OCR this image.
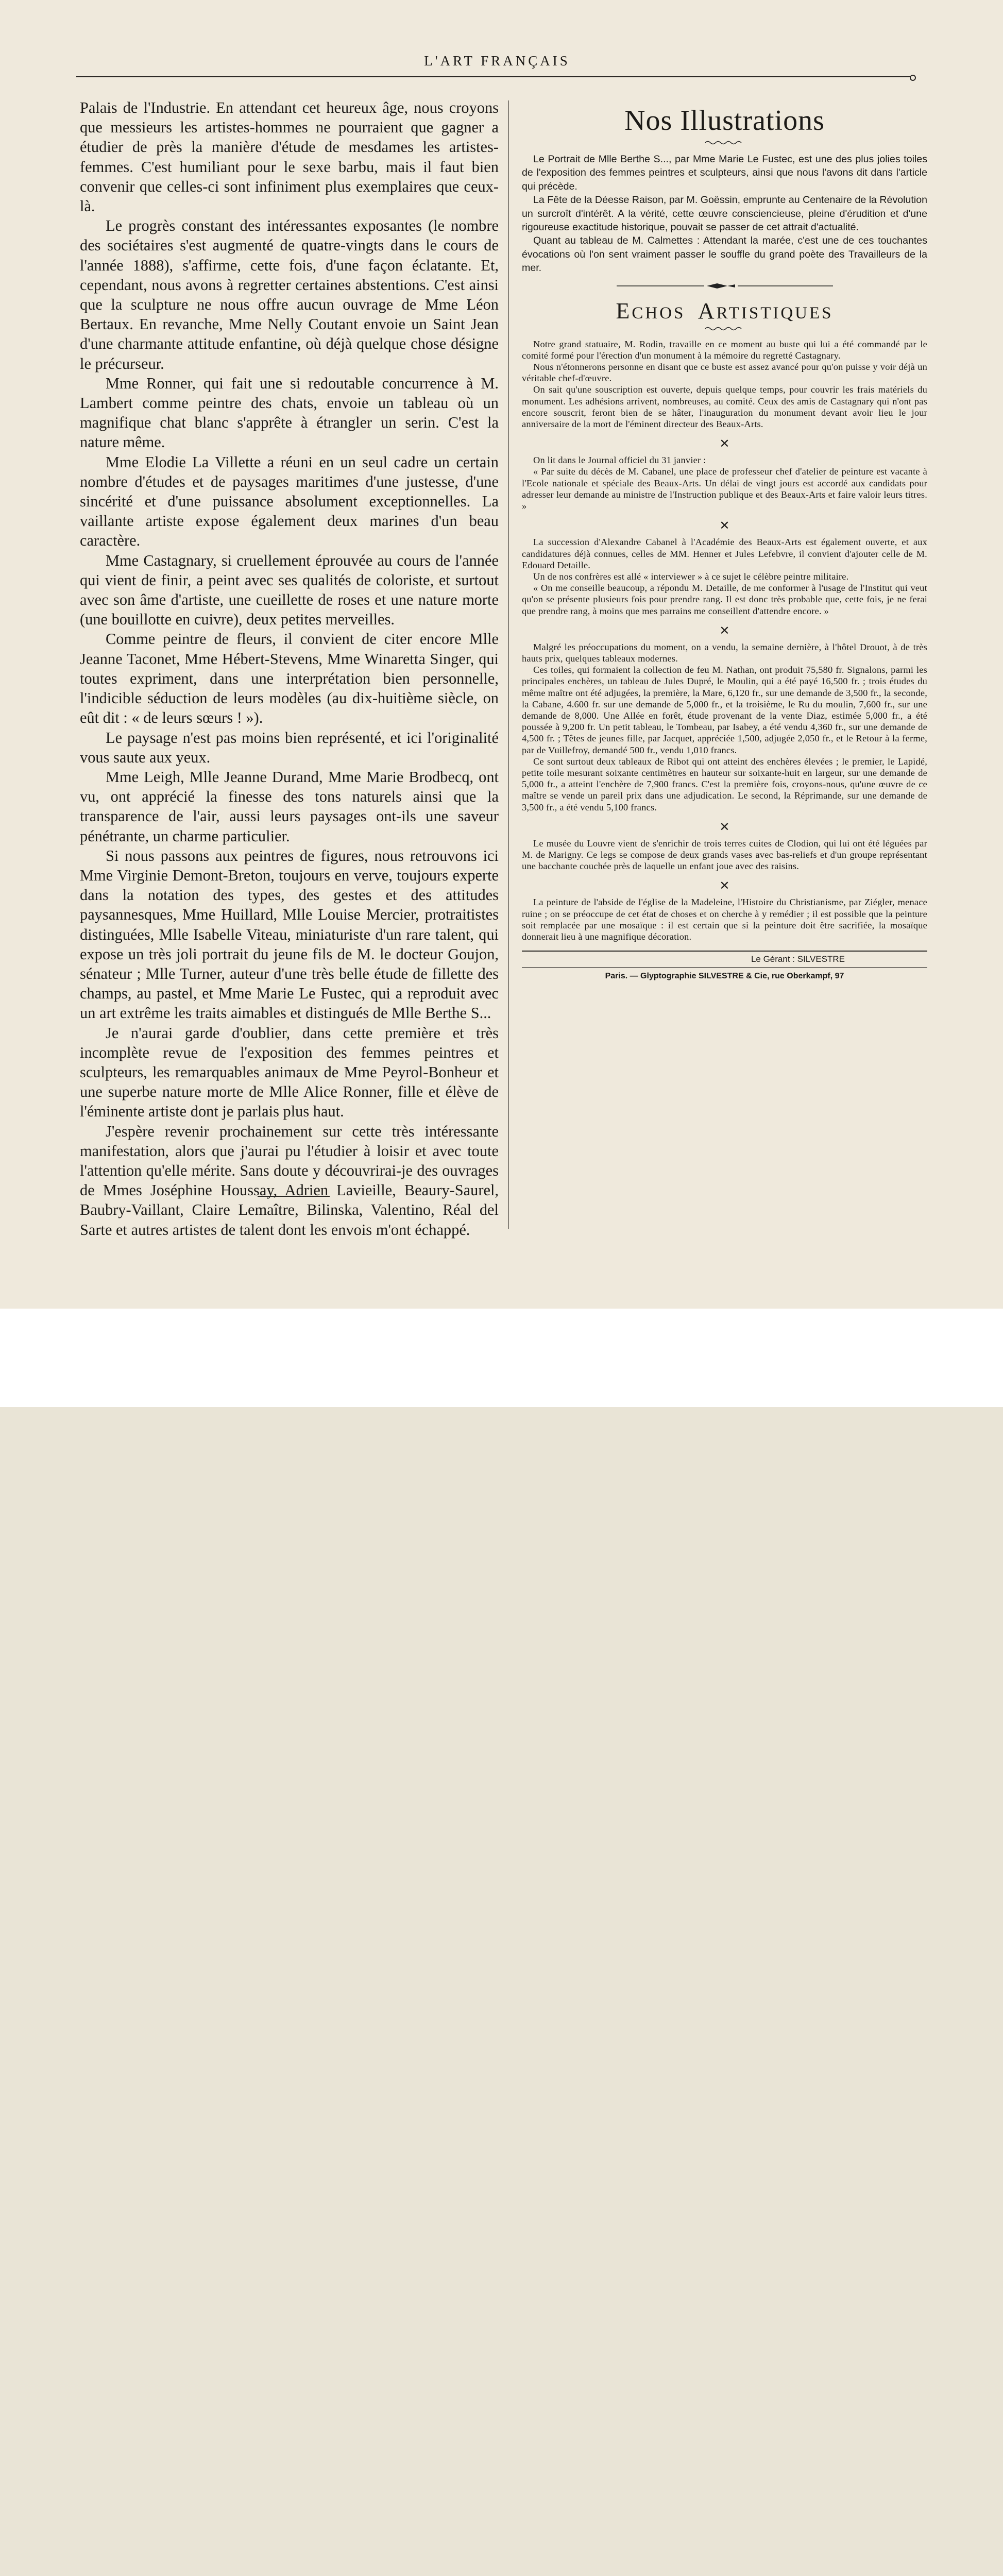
L'ART FRANÇAIS

Palais de l'Industrie. En attendant cet heureux âge, nous croyons que messieurs les artistes-hommes ne pourraient que gagner a étudier de près la manière d'étude de mesdames les artistes-femmes. C'est humiliant pour le sexe barbu, mais il faut bien convenir que celles-ci sont infiniment plus exemplaires que ceux-là.

Le progrès constant des intéressantes exposantes (le nombre des sociétaires s'est augmenté de quatre-vingts dans le cours de l'année 1888), s'affirme, cette fois, d'une façon éclatante. Et, cependant, nous avons à regretter certaines abstentions. C'est ainsi que la sculpture ne nous offre aucun ouvrage de Mme Léon Bertaux. En revanche, Mme Nelly Coutant envoie un Saint Jean d'une charmante attitude enfantine, où déjà quelque chose désigne le précurseur.

Mme Ronner, qui fait une si redoutable concurrence à M. Lambert comme peintre des chats, envoie un tableau où un magnifique chat blanc s'apprête à étrangler un serin. C'est la nature même.

Mme Elodie La Villette a réuni en un seul cadre un certain nombre d'études et de paysages maritimes d'une justesse, d'une sincérité et d'une puissance absolument exceptionnelles. La vaillante artiste expose également deux marines d'un beau caractère.

Mme Castagnary, si cruellement éprouvée au cours de l'année qui vient de finir, a peint avec ses qualités de coloriste, et surtout avec son âme d'artiste, une cueillette de roses et une nature morte (une bouillotte en cuivre), deux petites merveilles.

Comme peintre de fleurs, il convient de citer encore Mlle Jeanne Taconet, Mme Hébert-Stevens, Mme Winaretta Singer, qui toutes expriment, dans une interprétation bien personnelle, l'indicible séduction de leurs modèles (au dix-huitième siècle, on eût dit : « de leurs sœurs ! »).

Le paysage n'est pas moins bien représenté, et ici l'originalité vous saute aux yeux.

Mme Leigh, Mlle Jeanne Durand, Mme Marie Brodbecq, ont vu, ont apprécié la finesse des tons naturels ainsi que la transparence de l'air, aussi leurs paysages ont-ils une saveur pénétrante, un charme particulier.

Si nous passons aux peintres de figures, nous retrouvons ici Mme Virginie Demont-Breton, toujours en verve, toujours experte dans la notation des types, des gestes et des attitudes paysannesques, Mme Huillard, Mlle Louise Mercier, protraitistes distinguées, Mlle Isabelle Viteau, miniaturiste d'un rare talent, qui expose un très joli portrait du jeune fils de M. le docteur Goujon, sénateur ; Mlle Turner, auteur d'une très belle étude de fillette des champs, au pastel, et Mme Marie Le Fustec, qui a reproduit avec un art extrême les traits aimables et distingués de Mlle Berthe S...

Je n'aurai garde d'oublier, dans cette première et très incomplète revue de l'exposition des femmes peintres et sculpteurs, les remarquables animaux de Mme Peyrol-Bonheur et une superbe nature morte de Mlle Alice Ronner, fille et élève de l'éminente artiste dont je parlais plus haut.

J'espère revenir prochainement sur cette très intéressante manifestation, alors que j'aurai pu l'étudier à loisir et avec toute l'attention qu'elle mérite. Sans doute y découvrirai-je des ouvrages de Mmes Joséphine Houssay, Adrien Lavieille, Beaury-Saurel, Baubry-Vaillant, Claire Lemaître, Bilinska, Valentino, Réal del Sarte et autres artistes de talent dont les envois m'ont échappé.

Nos Illustrations

Le Portrait de Mlle Berthe S..., par Mme Marie Le Fustec, est une des plus jolies toiles de l'exposition des femmes peintres et sculpteurs, ainsi que nous l'avons dit dans l'article qui précède.

La Fête de la Déesse Raison, par M. Goëssin, emprunte au Centenaire de la Révolution un surcroît d'intérêt. A la vérité, cette œuvre consciencieuse, pleine d'érudition et d'une rigoureuse exactitude historique, pouvait se passer de cet attrait d'actualité.

Quant au tableau de M. Calmettes : Attendant la marée, c'est une de ces touchantes évocations où l'on sent vraiment passer le souffle du grand poète des Travailleurs de la mer.

ECHOS ARTISTIQUES

Notre grand statuaire, M. Rodin, travaille en ce moment au buste qui lui a été commandé par le comité formé pour l'érection d'un monument à la mémoire du regretté Castagnary.

Nous n'étonnerons personne en disant que ce buste est assez avancé pour qu'on puisse y voir déjà un véritable chef-d'œuvre.

On sait qu'une souscription est ouverte, depuis quelque temps, pour couvrir les frais matériels du monument. Les adhésions arrivent, nombreuses, au comité. Ceux des amis de Castagnary qui n'ont pas encore souscrit, feront bien de se hâter, l'inauguration du monument devant avoir lieu le jour anniversaire de la mort de l'éminent directeur des Beaux-Arts.

✕

On lit dans le Journal officiel du 31 janvier :

« Par suite du décès de M. Cabanel, une place de professeur chef d'atelier de peinture est vacante à l'Ecole nationale et spéciale des Beaux-Arts. Un délai de vingt jours est accordé aux candidats pour adresser leur demande au ministre de l'Instruction publique et des Beaux-Arts et faire valoir leurs titres. »

✕

La succession d'Alexandre Cabanel à l'Académie des Beaux-Arts est également ouverte, et aux candidatures déjà connues, celles de MM. Henner et Jules Lefebvre, il convient d'ajouter celle de M. Edouard Detaille.

Un de nos confrères est allé « interviewer » à ce sujet le célèbre peintre militaire.

« On me conseille beaucoup, a répondu M. Detaille, de me conformer à l'usage de l'Institut qui veut qu'on se présente plusieurs fois pour prendre rang. Il est donc très probable que, cette fois, je ne ferai que prendre rang, à moins que mes parrains me conseillent d'attendre encore. »

✕

Malgré les préoccupations du moment, on a vendu, la semaine dernière, à l'hôtel Drouot, à de très hauts prix, quelques tableaux modernes.

Ces toiles, qui formaient la collection de feu M. Nathan, ont produit 75,580 fr. Signalons, parmi les principales enchères, un tableau de Jules Dupré, le Moulin, qui a été payé 16,500 fr. ; trois études du même maître ont été adjugées, la première, la Mare, 6,120 fr., sur une demande de 3,500 fr., la seconde, la Cabane, 4.600 fr. sur une demande de 5,000 fr., et la troisième, le Ru du moulin, 7,600 fr., sur une demande de 8,000. Une Allée en forêt, étude provenant de la vente Diaz, estimée 5,000 fr., a été poussée à 9,200 fr. Un petit tableau, le Tombeau, par Isabey, a été vendu 4,360 fr., sur une demande de 4,500 fr. ; Têtes de jeunes fille, par Jacquet, appréciée 1,500, adjugée 2,050 fr., et le Retour à la ferme, par de Vuillefroy, demandé 500 fr., vendu 1,010 francs.

Ce sont surtout deux tableaux de Ribot qui ont atteint des enchères élevées ; le premier, le Lapidé, petite toile mesurant soixante centimètres en hauteur sur soixante-huit en largeur, sur une demande de 5,000 fr., a atteint l'enchère de 7,900 francs. C'est la première fois, croyons-nous, qu'une œuvre de ce maître se vende un pareil prix dans une adjudication. Le second, la Réprimande, sur une demande de 3,500 fr., a été vendu 5,100 francs.

✕

Le musée du Louvre vient de s'enrichir de trois terres cuites de Clodion, qui lui ont été léguées par M. de Marigny. Ce legs se compose de deux grands vases avec bas-reliefs et d'un groupe représentant une bacchante couchée près de laquelle un enfant joue avec des raisins.

✕

La peinture de l'abside de l'église de la Madeleine, l'Histoire du Christianisme, par Ziégler, menace ruine ; on se préoccupe de cet état de choses et on cherche à y remédier ; il est possible que la peinture soit remplacée par une mosaïque : il est certain que si la peinture doit être sacrifiée, la mosaïque donnerait lieu à une magnifique décoration.

Le Gérant : SILVESTRE
Paris. — Glyptographie SILVESTRE & Cie, rue Oberkampf, 97
